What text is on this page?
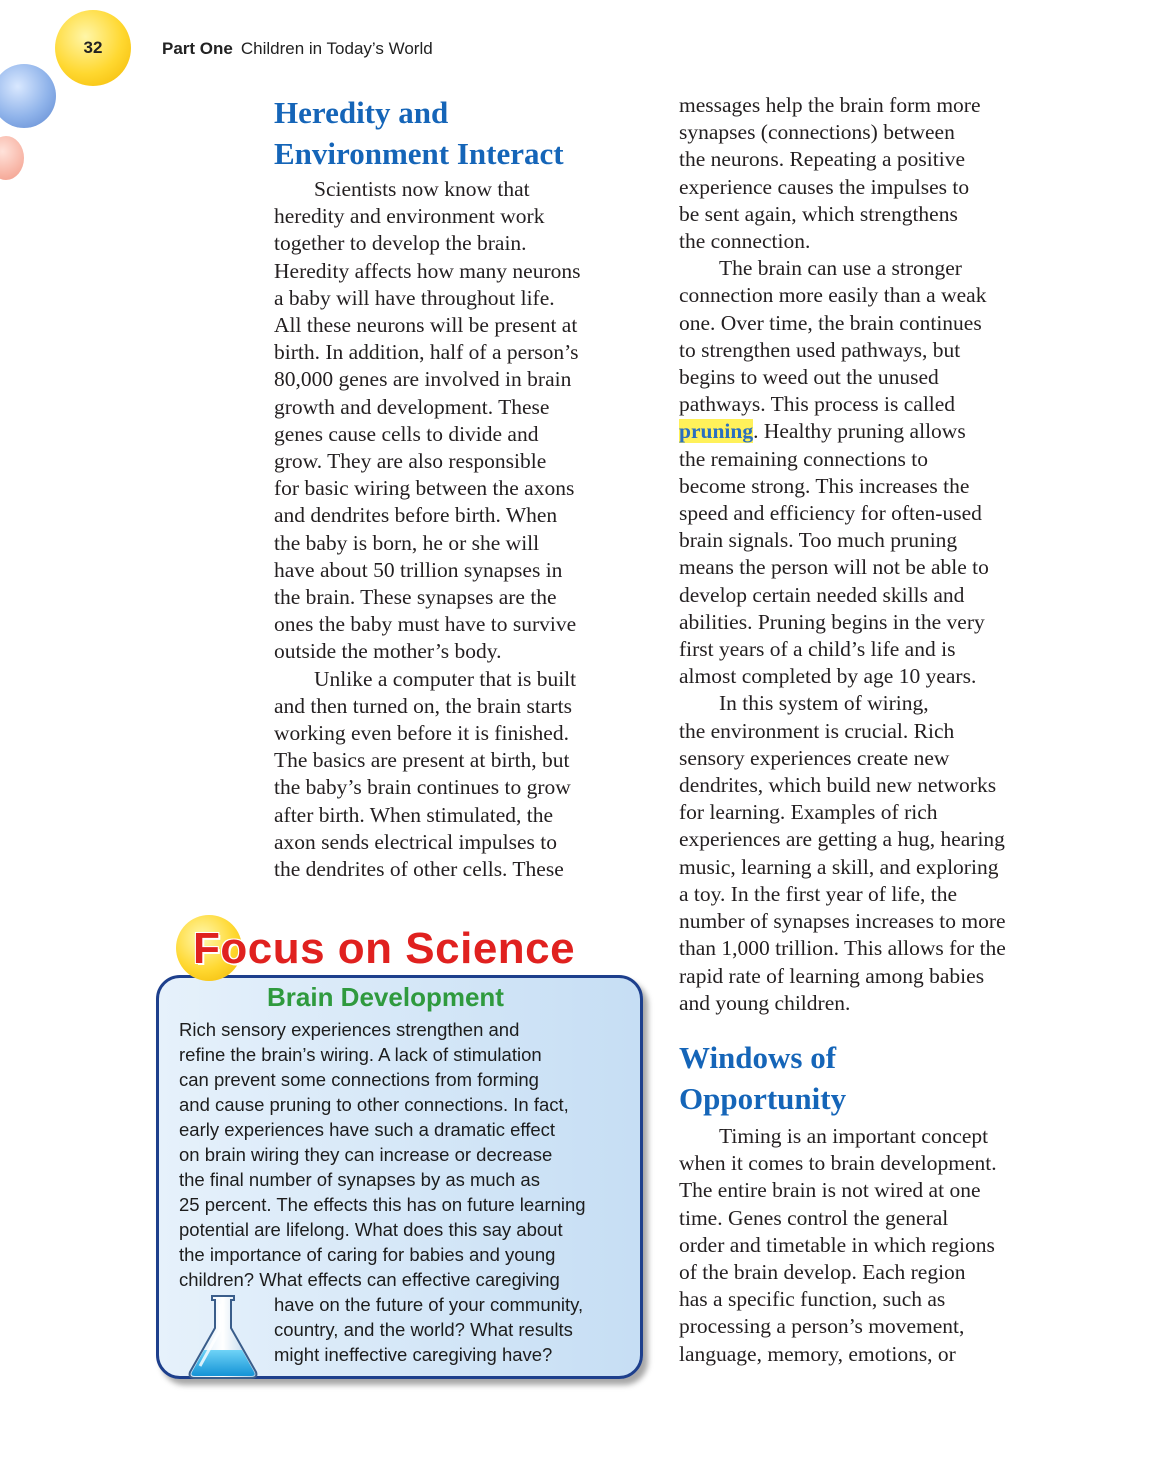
32	Part One Children in Today’s World
Heredity and
Environment Interact

Scientists now know that
heredity and environment work
together to develop the brain.
Heredity affects how many neurons
a baby will have throughout life.
All these neurons will be present at
birth. In addition, half of a person’s
80,000 genes are involved in brain
growth and development. These
genes cause cells to divide and
grow. They are also responsible
for basic wiring between the axons
and dendrites before birth. When
the baby is born, he or she will
have about 50 trillion synapses in
the brain. These synapses are the
ones the baby must have to survive
outside the mother’s body.

Unlike a computer that is built
and then turned on, the brain starts
working even before it is finished.
The basics are present at birth, but
the baby’s brain continues to grow
after birth. When stimulated, the
axon sends electrical impulses to
the dendrites of other cells. These

messages help the brain form more
synapses (connections) between
the neurons. Repeating a positive
experience causes the impulses to
be sent again, which strengthens
the connection.

The brain can use a stronger
connection more easily than a weak
one. Over time, the brain continues
to strengthen used pathways, but
begins to weed out the unused
pathways. This process is called
pruning. Healthy pruning allows
the remaining connections to
become strong. This increases the
speed and efficiency for often-used
brain signals. Too much pruning
means the person will not be able to
develop certain needed skills and
abilities. Pruning begins in the very
first years of a child’s life and is
almost completed by age 10 years.

In this system of wiring,
the environment is crucial. Rich
sensory experiences create new
dendrites, which build new networks
for learning. Examples of rich
experiences are getting a hug, hearing
music, learning a skill, and exploring
a toy. In the first year of life, the
number of synapses increases to more
than 1,000 trillion. This allows for the
rapid rate of learning among babies
and young children.

Windows of
Opportunity

Timing is an important concept
when it comes to brain development.
The entire brain is not wired at one
time. Genes control the general
order and timetable in which regions
of the brain develop. Each region
has a specific function, such as
processing a person’s movement,
language, memory, emotions, or

Focus on Science
Brain Development
Rich sensory experiences strengthen and
refine the brain’s wiring. A lack of stimulation
can prevent some connections from forming
and cause pruning to other connections. In fact,
early experiences have such a dramatic effect
on brain wiring they can increase or decrease
the final number of synapses by as much as
25 percent. The effects this has on future learning
potential are lifelong. What does this say about
the importance of caring for babies and young
children? What effects can effective caregiving
have on the future of your community,
country, and the world? What results
might ineffective caregiving have?
